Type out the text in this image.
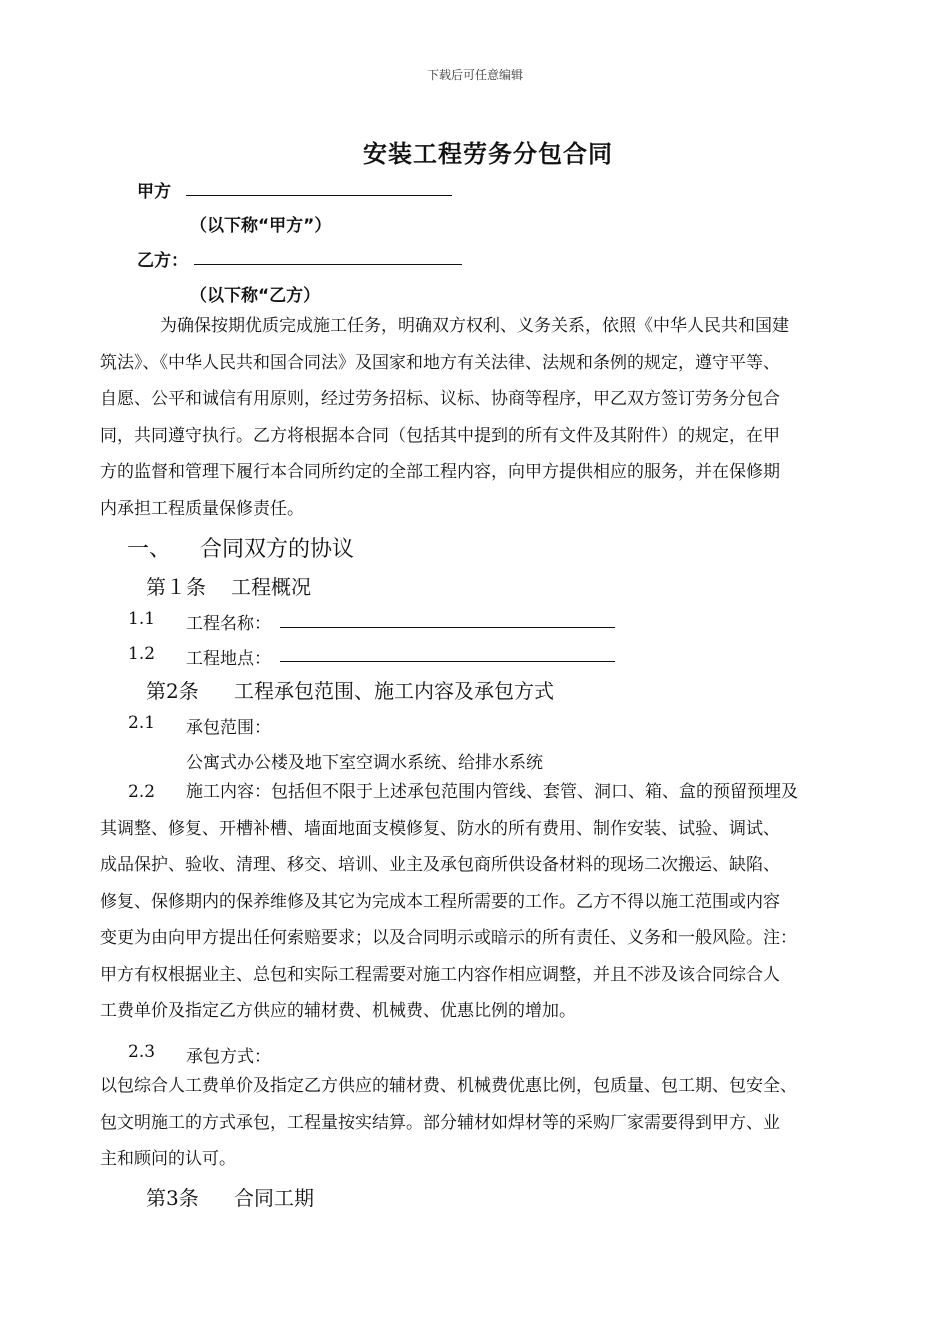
下载后可任意编辑
安装工程劳务分包合同
甲方
（以下称“甲方”）
乙方：
（以下称“乙方）
为确保按期优质完成施工任务，明确双方权利、义务关系，依照《中华人民共和国建
筑法》、《中华人民共和国合同法》及国家和地方有关法律、法规和条例的规定，遵守平等、
自愿、公平和诚信有用原则，经过劳务招标、议标、协商等程序，甲乙双方签订劳务分包合
同，共同遵守执行。乙方将根据本合同（包括其中提到的所有文件及其附件）的规定，在甲
方的监督和管理下履行本合同所约定的全部工程内容，向甲方提供相应的服务，并在保修期
内承担工程质量保修责任。
一、 合同双方的协议
第１条 工程概况
1.1 工程名称：
1.2 工程地点：
第2条 工程承包范围、施工内容及承包方式
2.1 承包范围：
公寓式办公楼及地下室空调水系统、给排水系统
2.2 施工内容：包括但不限于上述承包范围内管线、套管、洞口、箱、盒的预留预埋及
其调整、修复、开槽补槽、墙面地面支模修复、防水的所有费用、制作安装、试验、调试、
成品保护、验收、清理、移交、培训、业主及承包商所供设备材料的现场二次搬运、缺陷、
修复、保修期内的保养维修及其它为完成本工程所需要的工作。乙方不得以施工范围或内容
变更为由向甲方提出任何索赔要求；以及合同明示或暗示的所有责任、义务和一般风险。注：
甲方有权根据业主、总包和实际工程需要对施工内容作相应调整，并且不涉及该合同综合人
工费单价及指定乙方供应的辅材费、机械费、优惠比例的增加。
2.3 承包方式：
以包综合人工费单价及指定乙方供应的辅材费、机械费优惠比例，包质量、包工期、包安全、
包文明施工的方式承包，工程量按实结算。部分辅材如焊材等的采购厂家需要得到甲方、业
主和顾问的认可。
第3条 合同工期
